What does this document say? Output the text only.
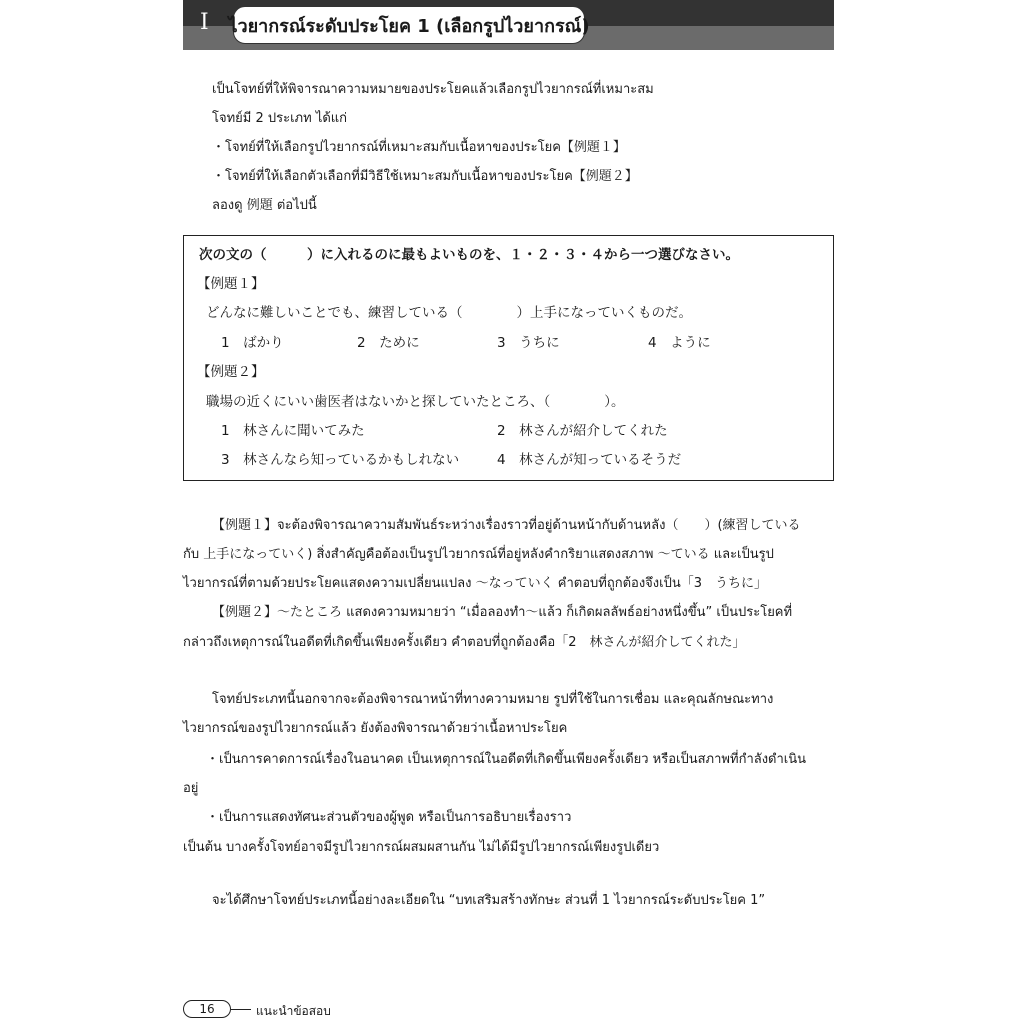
I ไวยากรณ์ระดับประโยค 1 (เลือกรูปไวยากรณ์)
เป็นโจทย์ที่ให้พิจารณาความหมายของประโยคแล้วเลือกรูปไวยากรณ์ที่เหมาะสม
โจทย์มี 2 ประเภท ได้แก่
・โจทย์ที่ให้เลือกรูปไวยากรณ์ที่เหมาะสมกับเนื้อหาของประโยค【例題１】
・โจทย์ที่ให้เลือกตัวเลือกที่มีวิธีใช้เหมาะสมกับเนื้อหาของประโยค【例題２】
ลองดู 例題 ต่อไปนี้
次の文の（　　　）に入れるのに最もよいものを、１・２・３・４から一つ選びなさい。
【例題１】
どんなに難しいことでも、練習している（　　　　）上手になっていくものだ。
1　ばかり	2　ために	3　うちに	4　ように
【例題２】
職場の近くにいい歯医者はないかと探していたところ、（　　　　）。
1　林さんに聞いてみた	2　林さんが紹介してくれた
3　林さんなら知っているかもしれない	4　林さんが知っているそうだ
【例題１】จะต้องพิจารณาความสัมพันธ์ระหว่างเรื่องราวที่อยู่ด้านหน้ากับด้านหลัง（　　）(練習している
กับ 上手になっていく) สิ่งสำคัญคือต้องเป็นรูปไวยากรณ์ที่อยู่หลังคำกริยาแสดงสภาพ ～ている และเป็นรูป
ไวยากรณ์ที่ตามด้วยประโยคแสดงความเปลี่ยนแปลง ～なっていく คำตอบที่ถูกต้องจึงเป็น「3　うちに」
【例題２】～たところ แสดงความหมายว่า “เมื่อลองทำ～แล้ว ก็เกิดผลลัพธ์อย่างหนึ่งขึ้น” เป็นประโยคที่
กล่าวถึงเหตุการณ์ในอดีตที่เกิดขึ้นเพียงครั้งเดียว คำตอบที่ถูกต้องคือ「2　林さんが紹介してくれた」
โจทย์ประเภทนี้นอกจากจะต้องพิจารณาหน้าที่ทางความหมาย รูปที่ใช้ในการเชื่อม และคุณลักษณะทาง
ไวยากรณ์ของรูปไวยากรณ์แล้ว ยังต้องพิจารณาด้วยว่าเนื้อหาประโยค
・เป็นการคาดการณ์เรื่องในอนาคต เป็นเหตุการณ์ในอดีตที่เกิดขึ้นเพียงครั้งเดียว หรือเป็นสภาพที่กำลังดำเนิน
อยู่
・เป็นการแสดงทัศนะส่วนตัวของผู้พูด หรือเป็นการอธิบายเรื่องราว
เป็นต้น บางครั้งโจทย์อาจมีรูปไวยากรณ์ผสมผสานกัน ไม่ได้มีรูปไวยากรณ์เพียงรูปเดียว
จะได้ศึกษาโจทย์ประเภทนี้อย่างละเอียดใน “บทเสริมสร้างทักษะ ส่วนที่ 1 ไวยากรณ์ระดับประโยค 1”
16	แนะนำข้อสอบ
